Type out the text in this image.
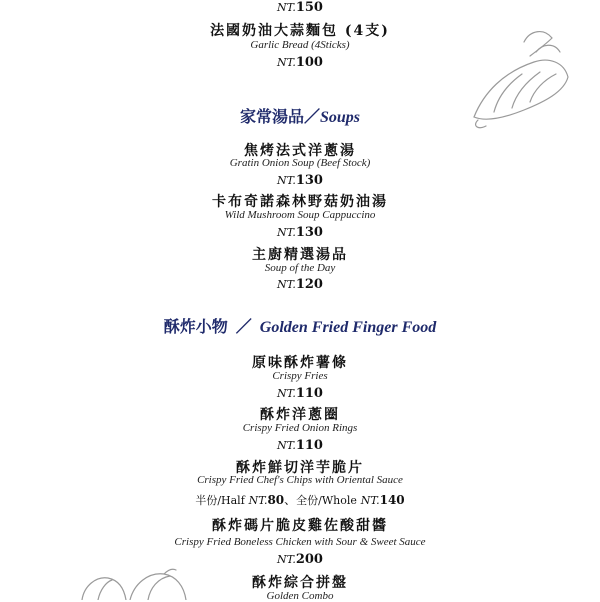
NT.150
法國奶油大蒜麵包 (4支)
Garlic Bread (4Sticks)
NT.100
家常湯品／Soups
焦烤法式洋蔥湯
Gratin Onion Soup (Beef Stock)
NT.130
卡布奇諾森林野菇奶油湯
Wild Mushroom Soup Cappuccino
NT.130
主廚精選湯品
Soup of the Day
NT.120
酥炸小物 ／ Golden Fried Finger Food
原味酥炸薯條
Crispy Fries
NT.110
酥炸洋蔥圈
Crispy Fried Onion Rings
NT.110
酥炸鮮切洋芋脆片
Crispy Fried Chef's Chips with Oriental Sauce
半份/Half NT.80、全份/Whole NT.140
酥炸碼片脆皮雞佐酸甜醬
Crispy Fried Boneless Chicken with Sour & Sweet Sauce
NT.200
酥炸綜合拼盤
Golden Combo
